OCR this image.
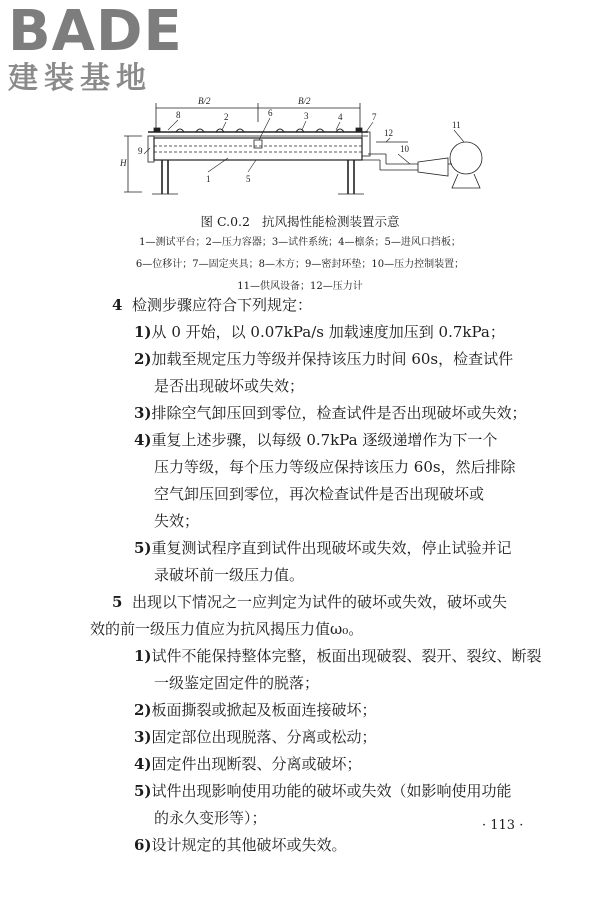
BADE
建装基地
B/2	B/2
H
1
2	3	4
5
6	7
8
9	10
11
12
图 C.0.2 抗风揭性能检测装置示意
1—测试平台；2—压力容器；3—试件系统；4—檩条；5—进风口挡板；
6—位移计；7—固定夹具；8—木方；9—密封环垫；10—压力控制装置；
11—供风设备；12—压力计
4 检测步骤应符合下列规定：
1)从 0 开始，以 0.07kPa/s 加载速度加压到 0.7kPa；
2)加载至规定压力等级并保持该压力时间 60s，检查试件
是否出现破坏或失效；
3)排除空气卸压回到零位，检查试件是否出现破坏或失效；
4)重复上述步骤，以每级 0.7kPa 逐级递增作为下一个
压力等级，每个压力等级应保持该压力 60s，然后排除
空气卸压回到零位，再次检查试件是否出现破坏或
失效；
5)重复测试程序直到试件出现破坏或失效，停止试验并记
录破坏前一级压力值。
5 出现以下情况之一应判定为试件的破坏或失效，破坏或失
效的前一级压力值应为抗风揭压力值ω₀。
1)试件不能保持整体完整，板面出现破裂、裂开、裂纹、断裂
一级鉴定固定件的脱落；
2)板面撕裂或掀起及板面连接破坏；
3)固定部位出现脱落、分离或松动；
4)固定件出现断裂、分离或破坏；
5)试件出现影响使用功能的破坏或失效（如影响使用功能
的永久变形等）；
6)设计规定的其他破坏或失效。
· 113 ·
